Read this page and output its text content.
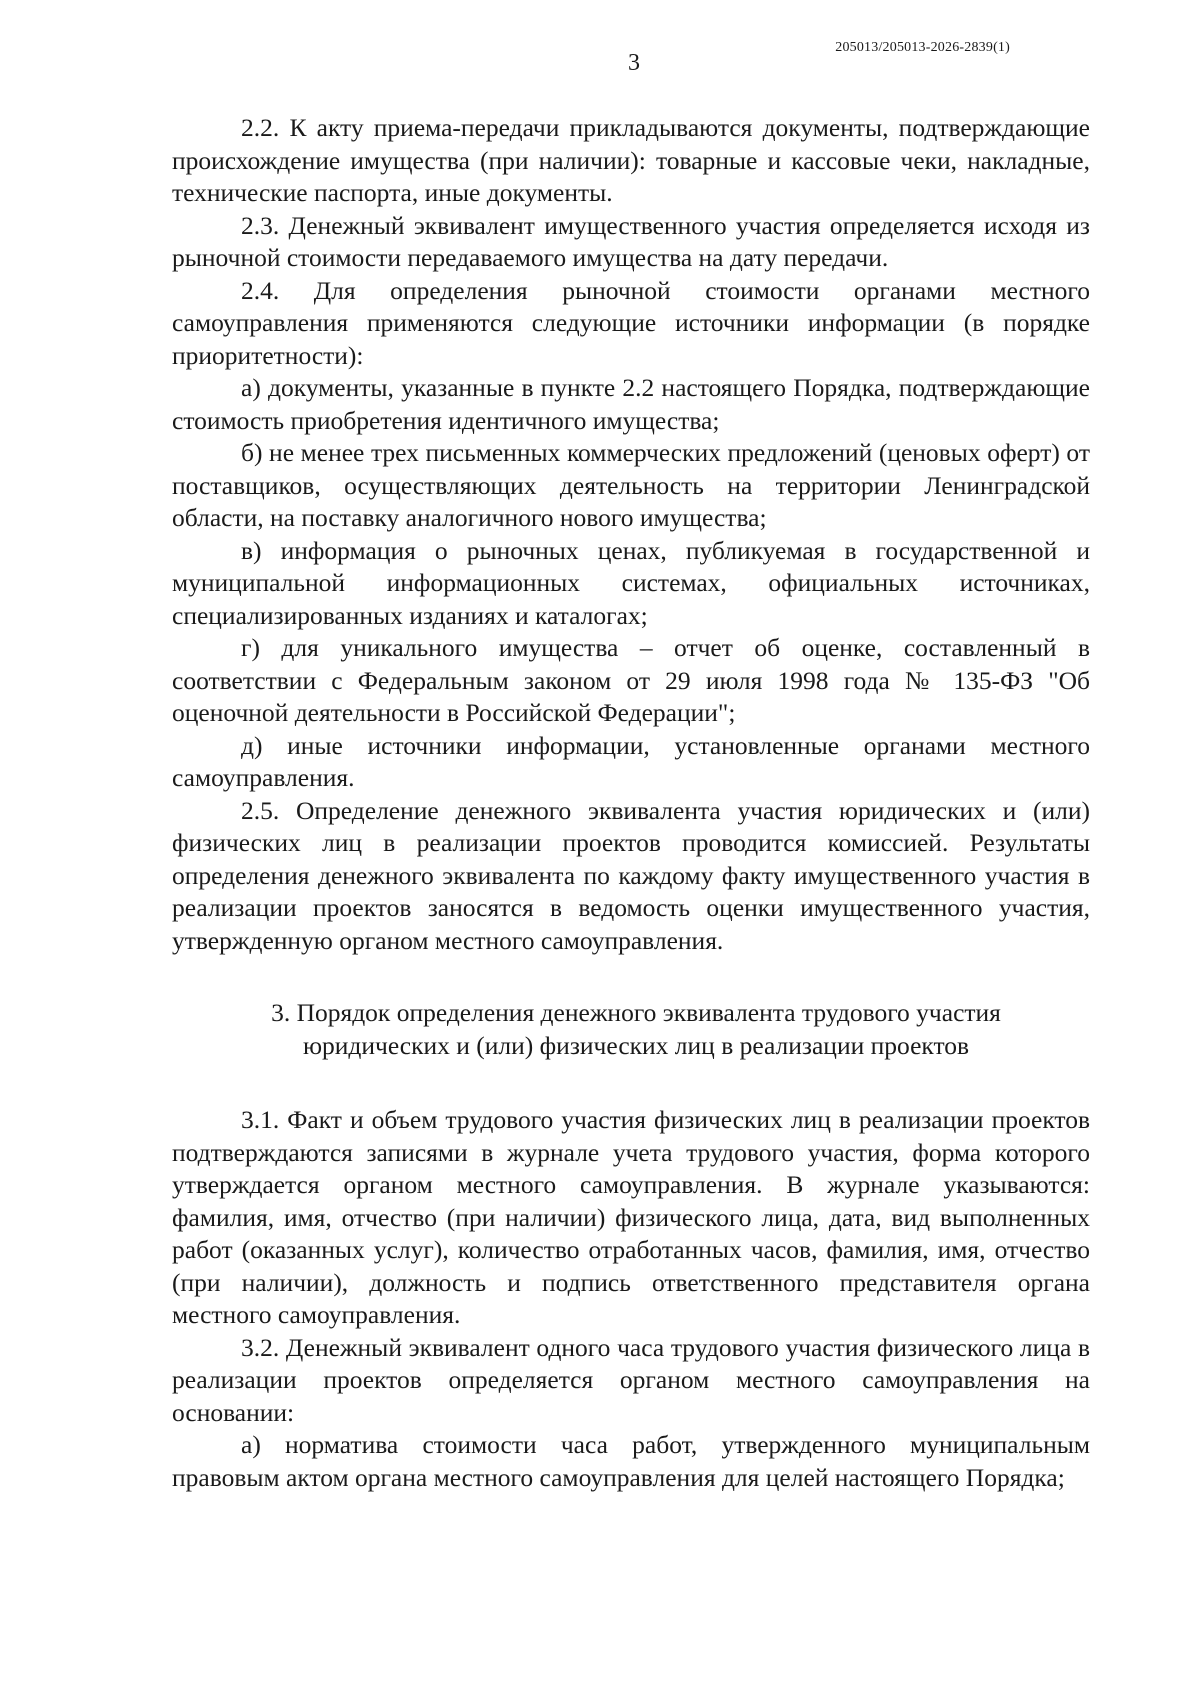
205013/205013-2026-2839(1)
3

2.2. К акту приема-передачи прикладываются документы, подтверждающие происхождение имущества (при наличии): товарные и кассовые чеки, накладные, технические паспорта, иные документы.

2.3. Денежный эквивалент имущественного участия определяется исходя из рыночной стоимости передаваемого имущества на дату передачи.

2.4. Для определения рыночной стоимости органами местного самоуправления применяются следующие источники информации (в порядке приоритетности):

а) документы, указанные в пункте 2.2 настоящего Порядка, подтверждающие стоимость приобретения идентичного имущества;

б) не менее трех письменных коммерческих предложений (ценовых оферт) от поставщиков, осуществляющих деятельность на территории Ленинградской области, на поставку аналогичного нового имущества;

в) информация о рыночных ценах, публикуемая в государственной и муниципальной информационных системах, официальных источниках, специализированных изданиях и каталогах;

г) для уникального имущества – отчет об оценке, составленный в соответствии с Федеральным законом от 29 июля 1998 года № 135-ФЗ "Об оценочной деятельности в Российской Федерации";

д) иные источники информации, установленные органами местного самоуправления.

2.5. Определение денежного эквивалента участия юридических и (или) физических лиц в реализации проектов проводится комиссией. Результаты определения денежного эквивалента по каждому факту имущественного участия в реализации проектов заносятся в ведомость оценки имущественного участия, утвержденную органом местного самоуправления.

3. Порядок определения денежного эквивалента трудового участия
юридических и (или) физических лиц в реализации проектов

3.1. Факт и объем трудового участия физических лиц в реализации проектов подтверждаются записями в журнале учета трудового участия, форма которого утверждается органом местного самоуправления. В журнале указываются: фамилия, имя, отчество (при наличии) физического лица, дата, вид выполненных работ (оказанных услуг), количество отработанных часов, фамилия, имя, отчество (при наличии), должность и подпись ответственного представителя органа местного самоуправления.

3.2. Денежный эквивалент одного часа трудового участия физического лица в реализации проектов определяется органом местного самоуправления на основании:

а) норматива стоимости часа работ, утвержденного муниципальным правовым актом органа местного самоуправления для целей настоящего Порядка;
